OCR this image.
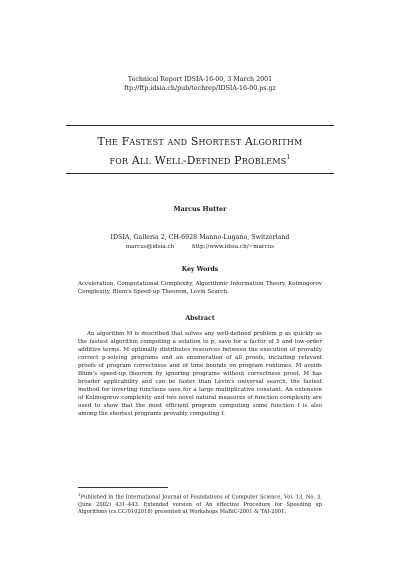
Technical Report IDSIA-16-00, 3 March 2001
ftp://ftp.idsia.ch/pub/techrep/IDSIA-16-00.ps.gz
The Fastest and Shortest Algorithm
for All Well-Defined Problems$^1$
Marcus Hutter
IDSIA, Galleria 2, CH-6928 Manno-Lugano, Switzerland
marcus@idsia.ch	http://www.idsia.ch/~marcus
Key Words
Acceleration, Computational Complexity, Algorithmic Information Theory, Kolmogorov Complexity, Blum's Speed-up Theorem, Levin Search.
Abstract
An algorithm M is described that solves any well-defined problem p as quickly as the fastest algorithm computing a solution to p, save for a factor of 5 and low-order additive terms. M optimally distributes resources between the execution of provably correct p-solving programs and an enumeration of all proofs, including relevant proofs of program correctness and of time bounds on program runtimes. M avoids Blum's speed-up theorem by ignoring programs without correctness proof. M has broader applicability and can be faster than Levin's universal search, the fastest method for inverting functions save for a large multiplicative constant. An extension of Kolmogorov complexity and two novel natural measures of function complexity are used to show that the most efficient program computing some function f is also among the shortest programs provably computing f.
$^1$Published in the International Journal of Foundations of Computer Science, Vol. 13, No. 3, (June 2002) 431–443. Extended version of An effective Procedure for Speeding up Algorithms (cs.CC/0102018) presented at Workshops MaBiC-2001 & TAI-2001.
